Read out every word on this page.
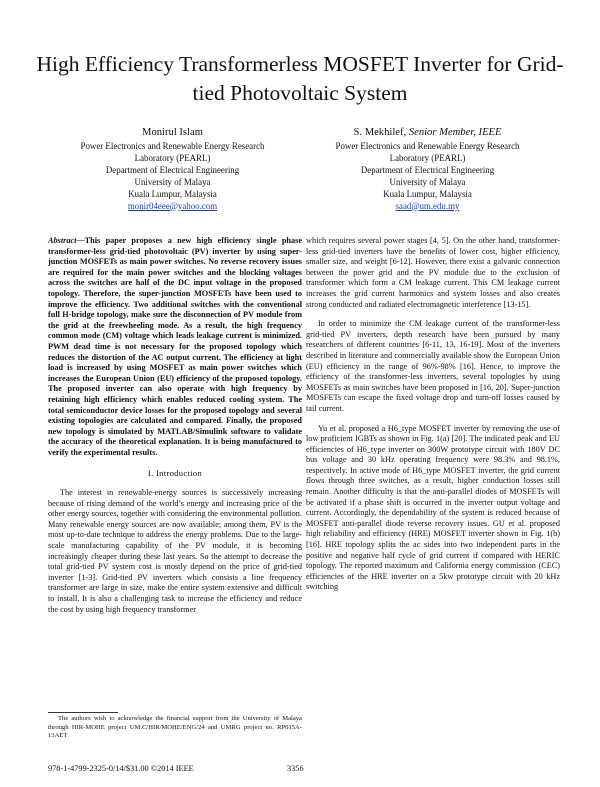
High Efficiency Transformerless MOSFET Inverter for Grid-tied Photovoltaic System
Monirul Islam
Power Electronics and Renewable Energy Research
Laboratory (PEARL)
Department of Electrical Engineering
University of Malaya
Kuala Lumpur, Malaysia
monir04eee@yahoo.com
S. Mekhilef, Senior Member, IEEE
Power Electronics and Renewable Energy Research
Laboratory (PEARL)
Department of Electrical Engineering
University of Malaya
Kuala Lumpur, Malaysia
saad@um.edu.my

Abstract—This paper proposes a new high efficiency single phase transformer-less grid-tied photovoltaic (PV) inverter by using super-junction MOSFETs as main power switches. No reverse recovery issues are required for the main power switches and the blocking voltages across the switches are half of the DC input voltage in the proposed topology. Therefore, the super-junction MOSFETs have been used to improve the efficiency. Two additional switches with the conventional full H-bridge topology, make sure the disconnection of PV module from the grid at the freewheeling mode. As a result, the high frequency common mode (CM) voltage which leads leakage current is minimized. PWM dead time is not necessary for the proposed topology which reduces the distortion of the AC output current. The efficiency at light load is increased by using MOSFET as main power switches which increases the European Union (EU) efficiency of the proposed topology. The proposed inverter can also operate with high frequency by retaining high efficiency which enables reduced cooling system. The total semiconductor device losses for the proposed topology and several existing topologies are calculated and compared. Finally, the proposed new topology is simulated by MATLAB/Simulink software to validate the accuracy of the theoretical explanation. It is being manufactured to verify the experimental results.

I. Introduction

The interest in renewable-energy sources is successively increasing because of rising demand of the world’s energy and increasing price of the other energy sources, together with considering the environmental pollution. Many renewable energy sources are now available; among them, PV is the most up-to-date technique to address the energy problems. Due to the large-scale manufacturing capability of the PV module, it is becoming increasingly cheaper during these last years. So the attempt to decrease the total grid-tied PV system cost is mostly depend on the price of grid-tied inverter [1-3]. Grid-tied PV inverters which consists a line frequency transformer are large in size, make the entire system extensive and difficult to install. It is also a challenging task to increase the efficiency and reduce the cost by using high frequency transformer

The authors wish to acknowledge the financial support from the University of Malaya through HIR-MOHE project UM.C/HIR/MOHE/ENG/24 and UMRG project no. RP015A-13AET

which requires several power stages [4, 5]. On the other hand, transformer-less grid-tied inverters have the benefits of lower cost, higher efficiency, smaller size, and weight [6-12]. However, there exist a galvanic connection between the power grid and the PV module due to the exclusion of transformer which form a CM leakage current. This CM leakage current increases the grid current harmonics and system losses and also creates strong conducted and radiated electromagnetic interference [13-15].

In order to minimize the CM leakage current of the transformer-less grid-tied PV inverters, depth research have been pursued by many researchers of different countries [6-11, 13, 16-19]. Most of the inverters described in literature and commercially available show the European Union (EU) efficiency in the range of 96%-98% [16]. Hence, to improve the efficiency of the transformer-less inverters, several topologies by using MOSFETs as main switches have been proposed in [16, 20]. Super-junction MOSFETs can escape the fixed voltage drop and turn-off losses caused by tail current.

Yu et al. proposed a H6_type MOSFET inverter by removing the use of low proficient IGBTs as shown in Fig. 1(a) [20]. The indicated peak and EU efficiencies of H6_type inverter on 300W prototype circuit with 180V DC bus voltage and 30 kHz operating frequency were 98.3% and 98.1%, respectively. In active mode of H6_type MOSFET inverter, the grid current flows through three switches, as a result, higher conduction losses still remain. Another difficulty is that the anti-parallel diodes of MOSFETs will be activated if a phase shift is occurred in the inverter output voltage and current. Accordingly, the dependability of the system is reduced because of MOSFET anti-parallel diode reverse recovery issues. GU et al. proposed high reliability and efficiency (HRE) MOSFET inverter shown in Fig. 1(b) [16]. HRE topology splits the ac sides into two independent parts in the positive and negative half cycle of grid current if compared with HERIC topology. The reported maximum and California energy commission (CEC) efficiencies of the HRE inverter on a 5kw prototype circuit with 20 kHz switching

978-1-4799-2325-0/14/$31.00 ©2014 IEEE	3356
